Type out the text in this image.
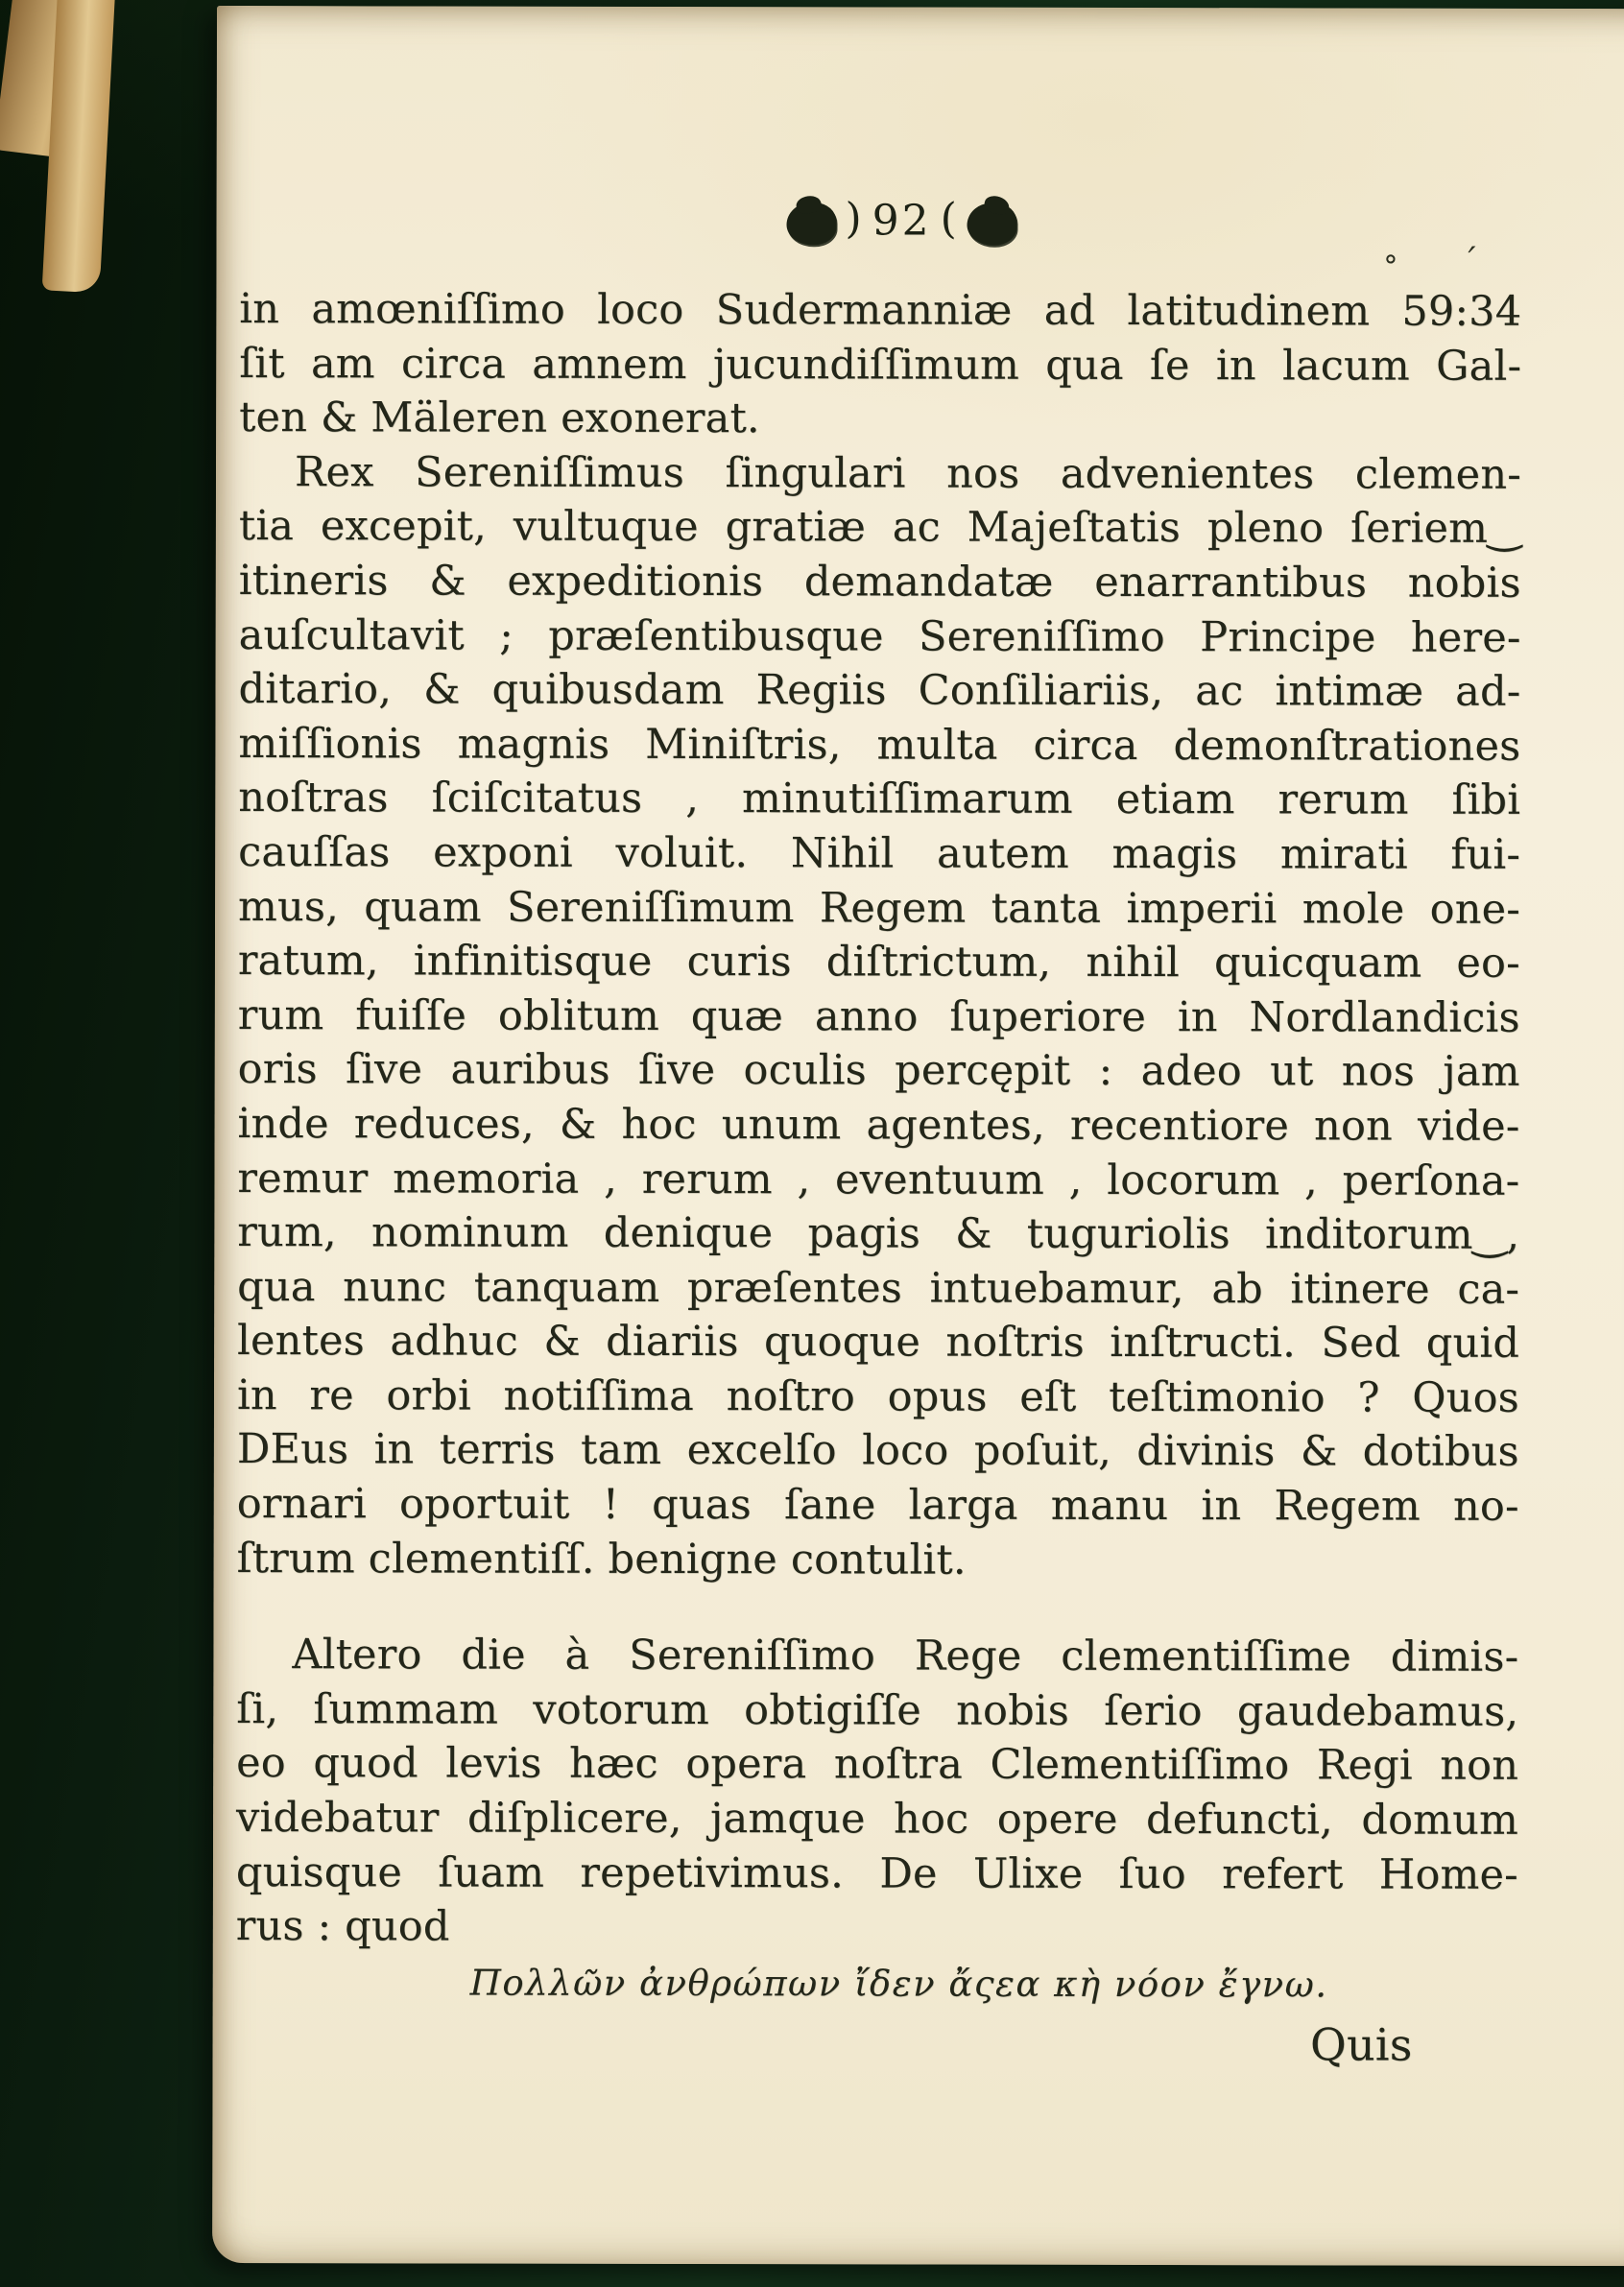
) 92 (
° ′
in amœniſſimo loco Sudermanniæ ad latitudinem 59:34
ſit am circa amnem jucundiſſimum qua ſe in lacum Gal-
ten & Mäleren exonerat.
Rex Sereniſſimus ſingulari nos advenientes clemen-
tia excepit, vultuque gratiæ ac Majeſtatis pleno ſeriem‿
itineris & expeditionis demandatæ enarrantibus nobis
auſcultavit ; præſentibusque Sereniſſimo Principe here-
ditario, & quibusdam Regiis Conſiliariis, ac intimæ ad-
miſſionis magnis Miniſtris, multa circa demonſtrationes
noſtras ſciſcitatus , minutiſſimarum etiam rerum ſibi
cauſſas exponi voluit. Nihil autem magis mirati fui-
mus, quam Sereniſſimum Regem tanta imperii mole one-
ratum, infinitisque curis diſtrictum, nihil quicquam eo-
rum fuiſſe oblitum quæ anno ſuperiore in Nordlandicis
oris ſive auribus ſive oculis percępit : adeo ut nos jam
inde reduces, & hoc unum agentes, recentiore non vide-
remur memoria , rerum , eventuum , locorum , perſona-
rum, nominum denique pagis & tuguriolis inditorum‿,
qua nunc tanquam præſentes intuebamur, ab itinere ca-
lentes adhuc & diariis quoque noſtris inſtructi. Sed quid
in re orbi notiſſima noſtro opus eſt teſtimonio ? Quos
DEus in terris tam excelſo loco poſuit, divinis & dotibus
ornari oportuit ! quas ſane larga manu in Regem no-
ſtrum clementiſſ. benigne contulit.
Altero die à Sereniſſimo Rege clementiſſime dimis-
ſi, ſummam votorum obtigiſſe nobis ſerio gaudebamus,
eo quod levis hæc opera noſtra Clementiſſimo Regi non
videbatur diſplicere, jamque hoc opere defuncti, domum
quisque ſuam repetivimus. De Ulixe ſuo refert Home-
rus : quod
Πολλῶν ἀνθρώπων ἴδεν ἄςεα κὴ νόον ἔγνω.
Quis
